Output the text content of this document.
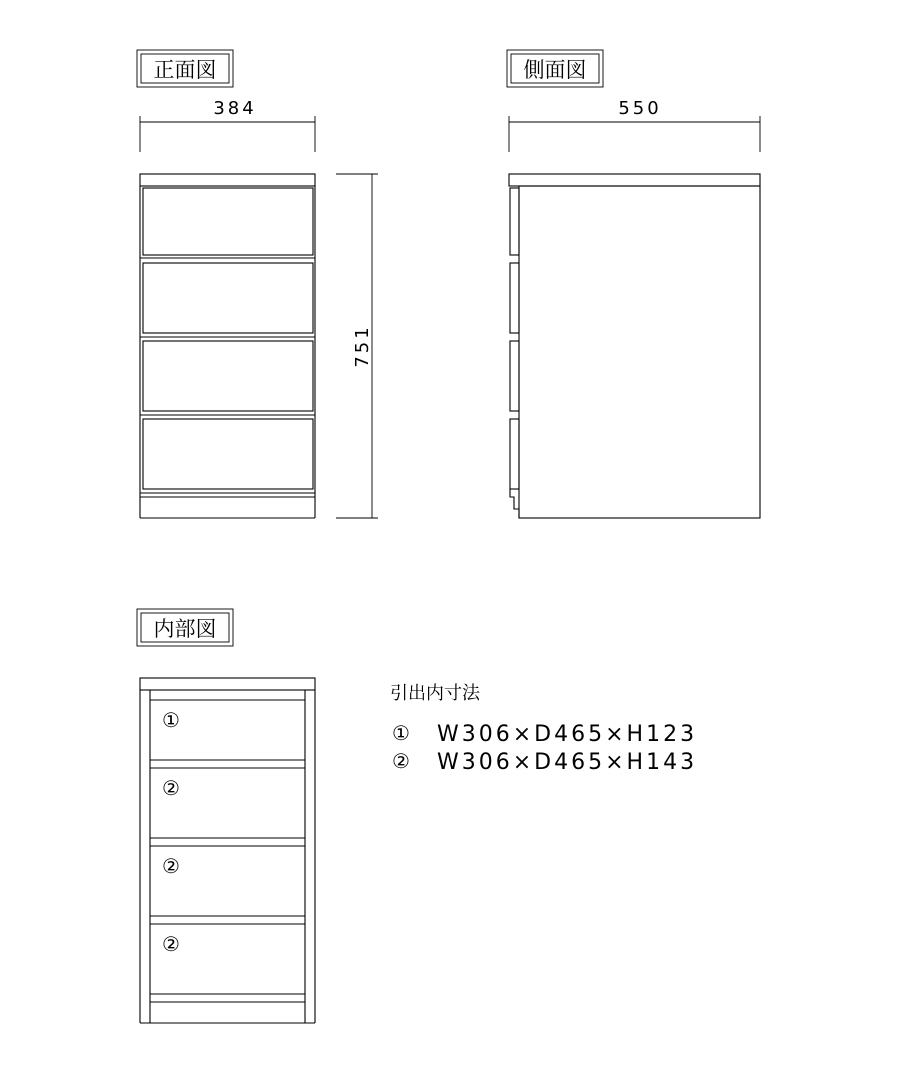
正面図	側面図
内部図
384
751
550
①
②
②
②
引出内寸法
① W306×D465×H123
② W306×D465×H143
